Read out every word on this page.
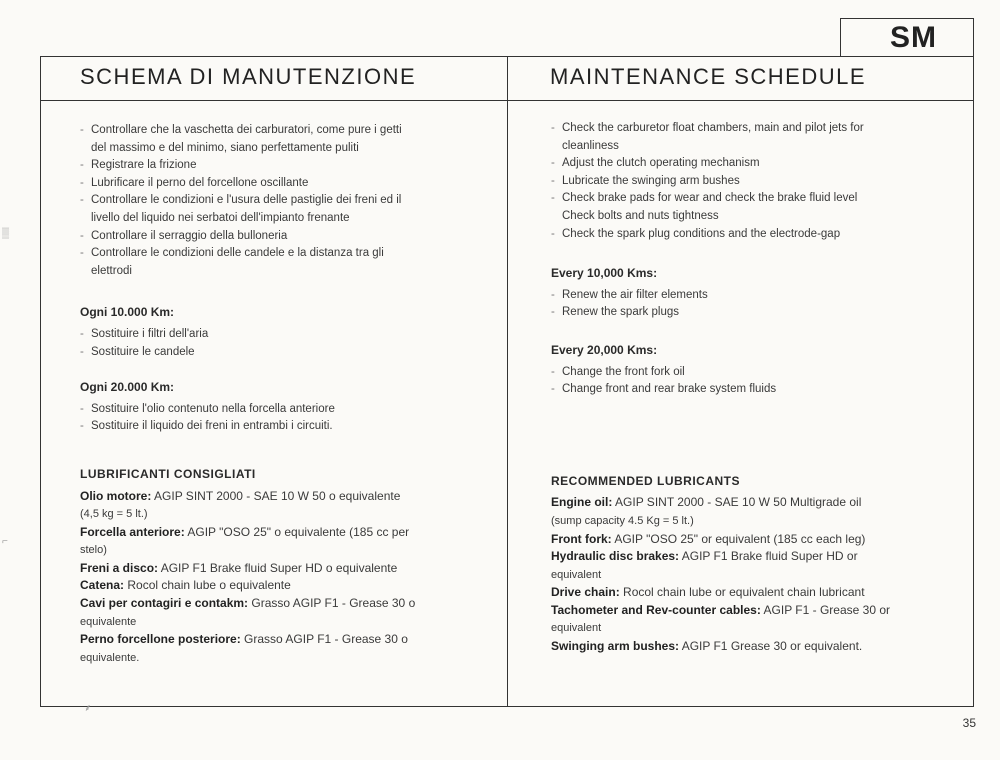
SM
SCHEMA DI MANUTENZIONE	MAINTENANCE SCHEDULE
- Controllare che la vaschetta dei carburatori, come pure i getti
del massimo e del minimo, siano perfettamente puliti
- Registrare la frizione
- Lubrificare il perno del forcellone oscillante
- Controllare le condizioni e l'usura delle pastiglie dei freni ed il
livello del liquido nei serbatoi dell'impianto frenante
- Controllare il serraggio della bulloneria
- Controllare le condizioni delle candele e la distanza tra gli
elettrodi

Ogni 10.000 Km:

- Sostituire i filtri dell'aria
- Sostituire le candele

Ogni 20.000 Km:

- Sostituire l'olio contenuto nella forcella anteriore
- Sostituire il liquido dei freni in entrambi i circuiti.

LUBRIFICANTI CONSIGLIATI

Olio motore: AGIP SINT 2000 - SAE 10 W 50 o equivalente
(4,5 kg = 5 lt.)

Forcella anteriore: AGIP "OSO 25" o equivalente (185 cc per
stelo)

Freni a disco: AGIP F1 Brake fluid Super HD o equivalente

Catena: Rocol chain lube o equivalente

Cavi per contagiri e contakm: Grasso AGIP F1 - Grease 30 o
equivalente

Perno forcellone posteriore: Grasso AGIP F1 - Grease 30 o
equivalente.

- Check the carburetor float chambers, main and pilot jets for
cleanliness
- Adjust the clutch operating mechanism
- Lubricate the swinging arm bushes
- Check brake pads for wear and check the brake fluid level
Check bolts and nuts tightness
- Check the spark plug conditions and the electrode-gap

Every 10,000 Kms:

- Renew the air filter elements
- Renew the spark plugs

Every 20,000 Kms:

- Change the front fork oil
- Change front and rear brake system fluids

RECOMMENDED LUBRICANTS

Engine oil: AGIP SINT 2000 - SAE 10 W 50 Multigrade oil
(sump capacity 4.5 Kg = 5 lt.)

Front fork: AGIP "OSO 25" or equivalent (185 cc each leg)

Hydraulic disc brakes: AGIP F1 Brake fluid Super HD or
equivalent

Drive chain: Rocol chain lube or equivalent chain lubricant

Tachometer and Rev-counter cables: AGIP F1 - Grease 30 or
equivalent

Swinging arm bushes: AGIP F1 Grease 30 or equivalent.

35
▒
⌐
⸙
